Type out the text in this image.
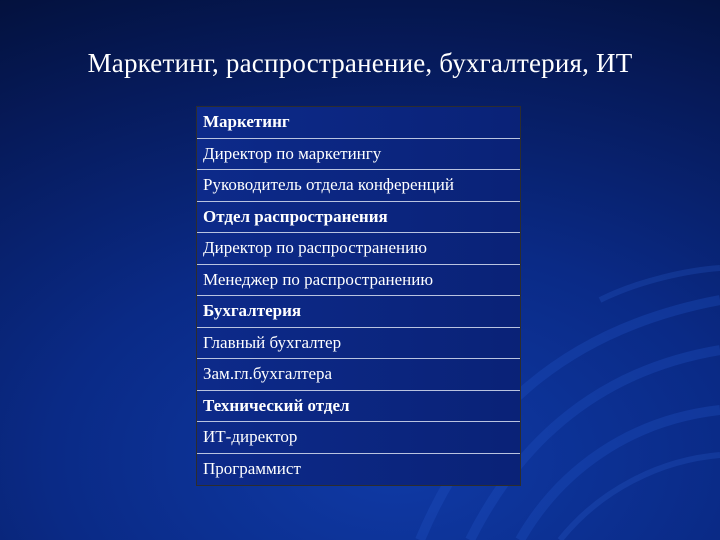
Маркетинг, распространение, бухгалтерия, ИТ
Маркетинг
Директор по маркетингу
Руководитель отдела конференций
Отдел распространения
Директор по распространению
Менеджер по распространению
Бухгалтерия
Главный бухгалтер
Зам.гл.бухгалтера
Технический отдел
ИТ-директор
Программист
